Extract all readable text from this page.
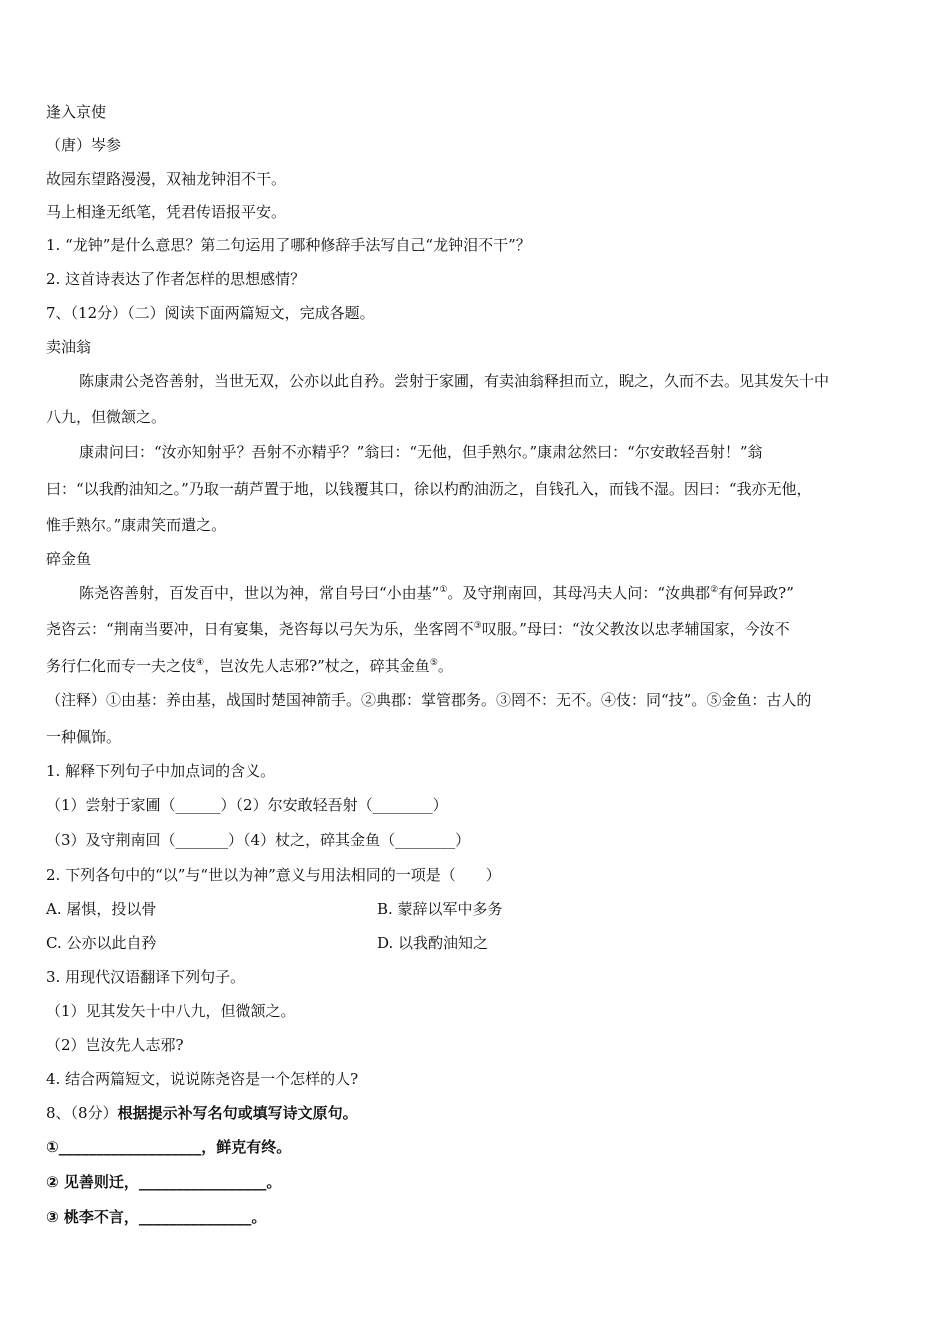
逢入京使
（唐）岑参
故园东望路漫漫，双袖龙钟泪不干。
马上相逢无纸笔，凭君传语报平安。
1. “龙钟”是什么意思？第二句运用了哪种修辞手法写自己“龙钟泪不干”？
2. 这首诗表达了作者怎样的思想感情？
7、（12分）（二）阅读下面两篇短文，完成各题。
卖油翁
陈康肃公尧咨善射，当世无双，公亦以此自矜。尝射于家圃，有卖油翁释担而立，睨之，久而不去。见其发矢十中
八九，但微颔之。
康肃问曰：“汝亦知射乎？吾射不亦精乎？”翁曰：“无他，但手熟尔。”康肃忿然曰：“尔安敢轻吾射！”翁
曰：“以我酌油知之。”乃取一葫芦置于地，以钱覆其口，徐以杓酌油沥之，自钱孔入，而钱不湿。因曰：“我亦无他，
惟手熟尔。”康肃笑而遣之。
碎金鱼
陈尧咨善射，百发百中，世以为神，常自号曰“小由基”①。及守荆南回，其母冯夫人问：“汝典郡②有何异政?”
尧咨云：“荆南当要冲，日有宴集，尧咨每以弓矢为乐，坐客罔不③叹服。”母曰：“汝父教汝以忠孝辅国家，今汝不
务行仁化而专一夫之伎④，岂汝先人志邪?”杖之，碎其金鱼⑤。
（注释）①由基：养由基，战国时楚国神箭手。②典郡：掌管郡务。③罔不：无不。④伎：同“技”。⑤金鱼：古人的
一种佩饰。
1. 解释下列句子中加点词的含义。
（1）尝射于家圃（______）（2）尔安敢轻吾射（________）
（3）及守荆南回（_______）（4）杖之，碎其金鱼（________）
2. 下列各句中的“以”与“世以为神”意义与用法相同的一项是（　　）
A. 屠惧，投以骨	B. 蒙辞以军中多务
C. 公亦以此自矜	D. 以我酌油知之
3. 用现代汉语翻译下列句子。
（1）见其发矢十中八九，但微颔之。
（2）岂汝先人志邪?
4. 结合两篇短文，说说陈尧咨是一个怎样的人?
8、（8分）根据提示补写名句或填写诗文原句。
①___________________，鲜克有终。
② 见善则迁，_________________。
③ 桃李不言，_______________。
